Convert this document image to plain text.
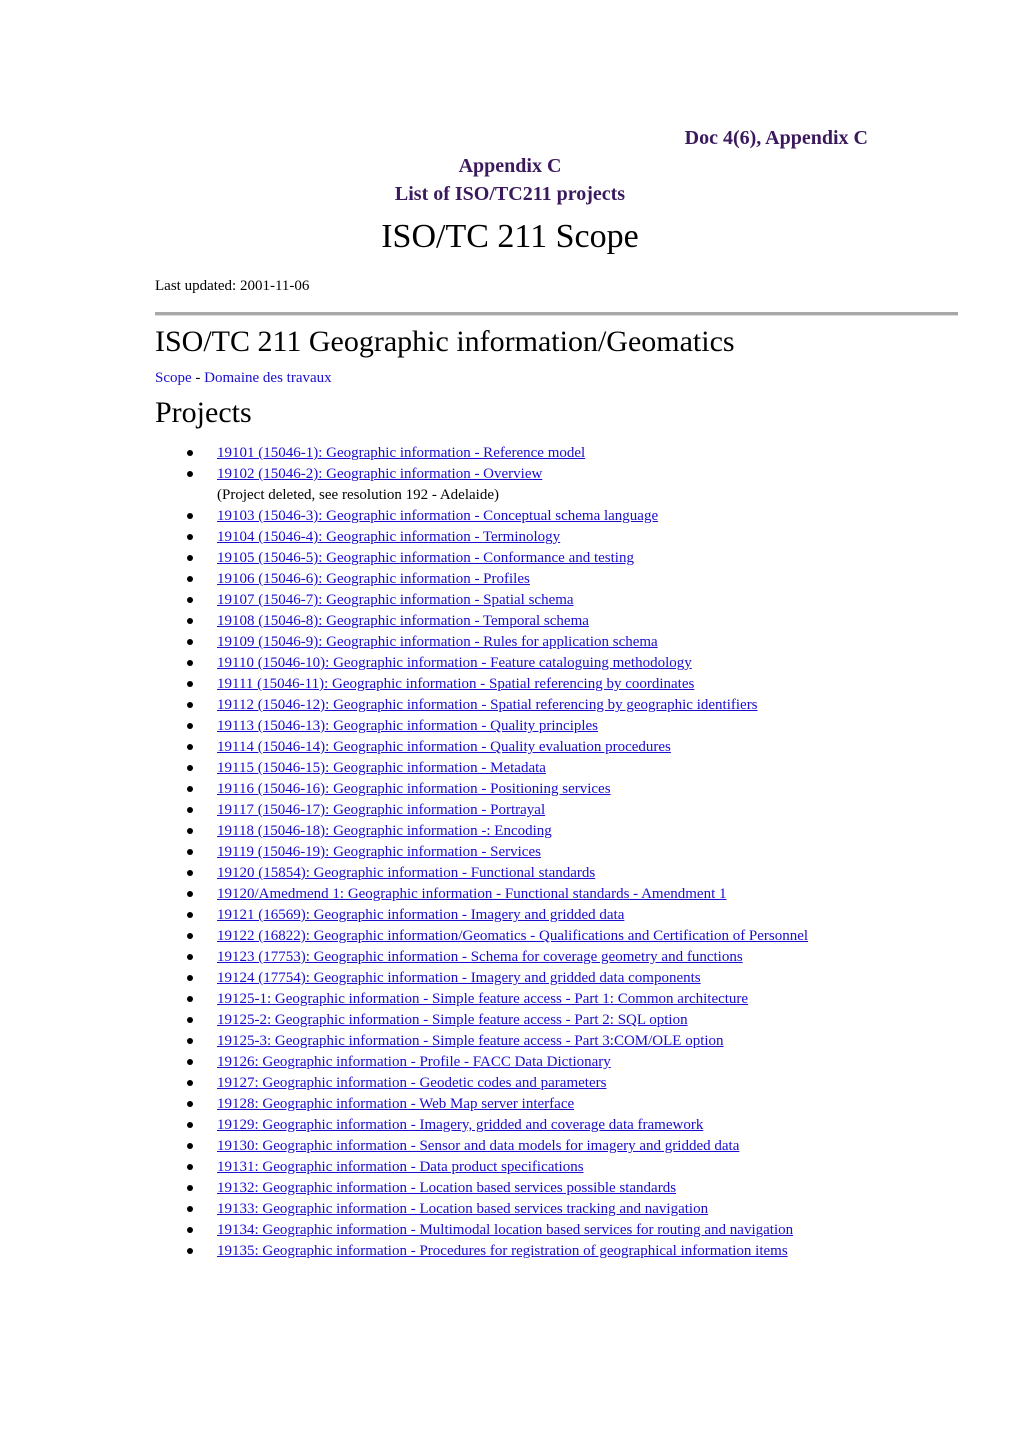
Doc 4(6), Appendix C
Appendix C
List of ISO/TC211 projects
ISO/TC 211 Scope
Last updated: 2001-11-06
ISO/TC 211 Geographic information/Geomatics
Scope - Domaine des travaux
Projects
19101 (15046-1): Geographic information - Reference model
19102 (15046-2): Geographic information - Overview
(Project deleted, see resolution 192 - Adelaide)
19103 (15046-3): Geographic information - Conceptual schema language
19104 (15046-4): Geographic information - Terminology
19105 (15046-5): Geographic information - Conformance and testing
19106 (15046-6): Geographic information - Profiles
19107 (15046-7): Geographic information - Spatial schema
19108 (15046-8): Geographic information - Temporal schema
19109 (15046-9): Geographic information - Rules for application schema
19110 (15046-10): Geographic information - Feature cataloguing methodology
19111 (15046-11): Geographic information - Spatial referencing by coordinates
19112 (15046-12): Geographic information - Spatial referencing by geographic identifiers
19113 (15046-13): Geographic information - Quality principles
19114 (15046-14): Geographic information - Quality evaluation procedures
19115 (15046-15): Geographic information - Metadata
19116 (15046-16): Geographic information - Positioning services
19117 (15046-17): Geographic information - Portrayal
19118 (15046-18): Geographic information -: Encoding
19119 (15046-19): Geographic information - Services
19120 (15854): Geographic information - Functional standards
19120/Amedmend 1: Geographic information - Functional standards - Amendment 1
19121 (16569): Geographic information - Imagery and gridded data
19122 (16822): Geographic information/Geomatics - Qualifications and Certification of Personnel
19123 (17753): Geographic information - Schema for coverage geometry and functions
19124 (17754): Geographic information - Imagery and gridded data components
19125-1: Geographic information - Simple feature access - Part 1: Common architecture
19125-2: Geographic information - Simple feature access - Part 2: SQL option
19125-3: Geographic information - Simple feature access - Part 3:COM/OLE option
19126: Geographic information - Profile - FACC Data Dictionary
19127: Geographic information - Geodetic codes and parameters
19128: Geographic information - Web Map server interface
19129: Geographic information - Imagery, gridded and coverage data framework
19130: Geographic information - Sensor and data models for imagery and gridded data
19131: Geographic information - Data product specifications
19132: Geographic information - Location based services possible standards
19133: Geographic information - Location based services tracking and navigation
19134: Geographic information - Multimodal location based services for routing and navigation
19135: Geographic information - Procedures for registration of geographical information items
